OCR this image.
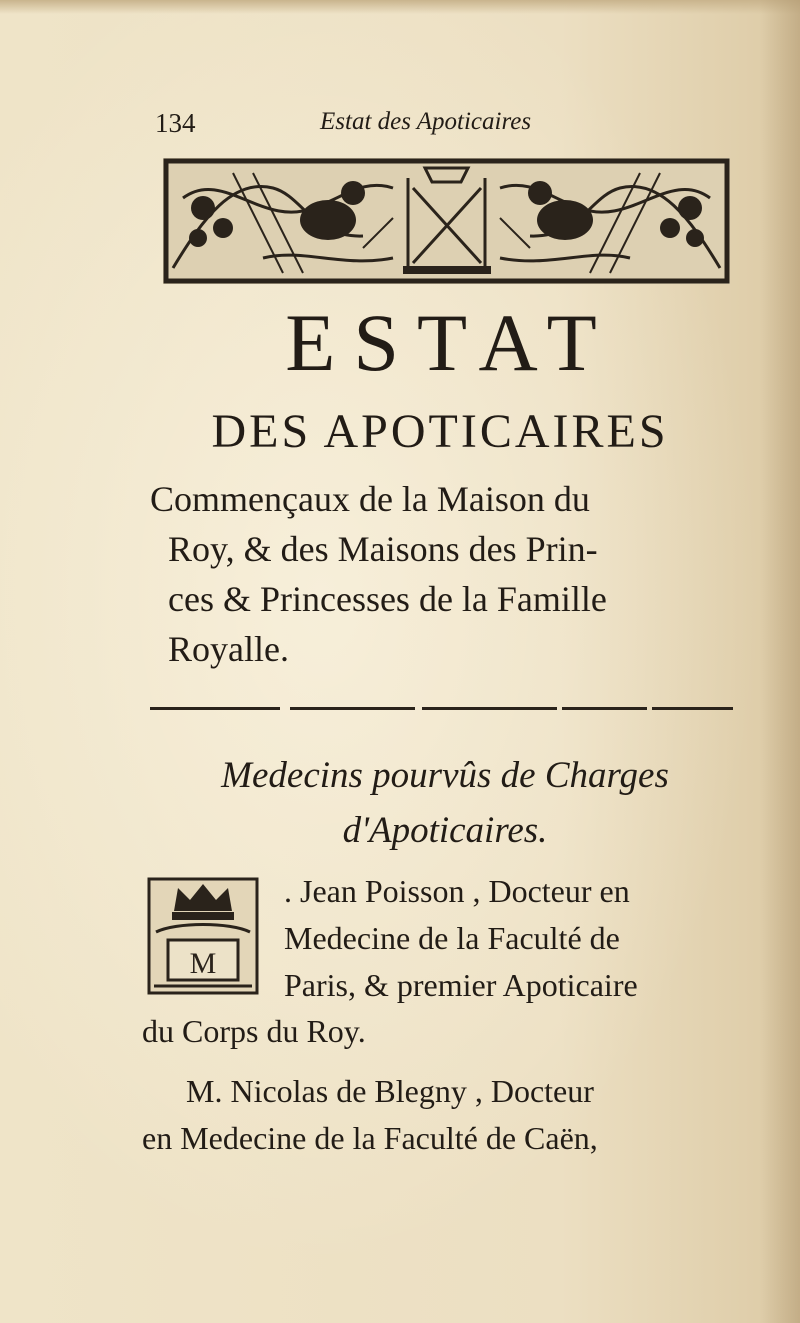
134	Estat des Apoticaires
ESTAT
DES APOTICAIRES
Commençaux de la Maison du
Roy, & des Maisons des Prin-
ces & Princesses de la Famille
Royalle.
Medecins pourvûs de Charges
d'Apoticaires.
M
. Jean Poisson , Docteur en
Medecine de la Faculté de
Paris, & premier Apoticaire
du Corps du Roy.
M. Nicolas de Blegny , Docteur
en Medecine de la Faculté de Caën,
